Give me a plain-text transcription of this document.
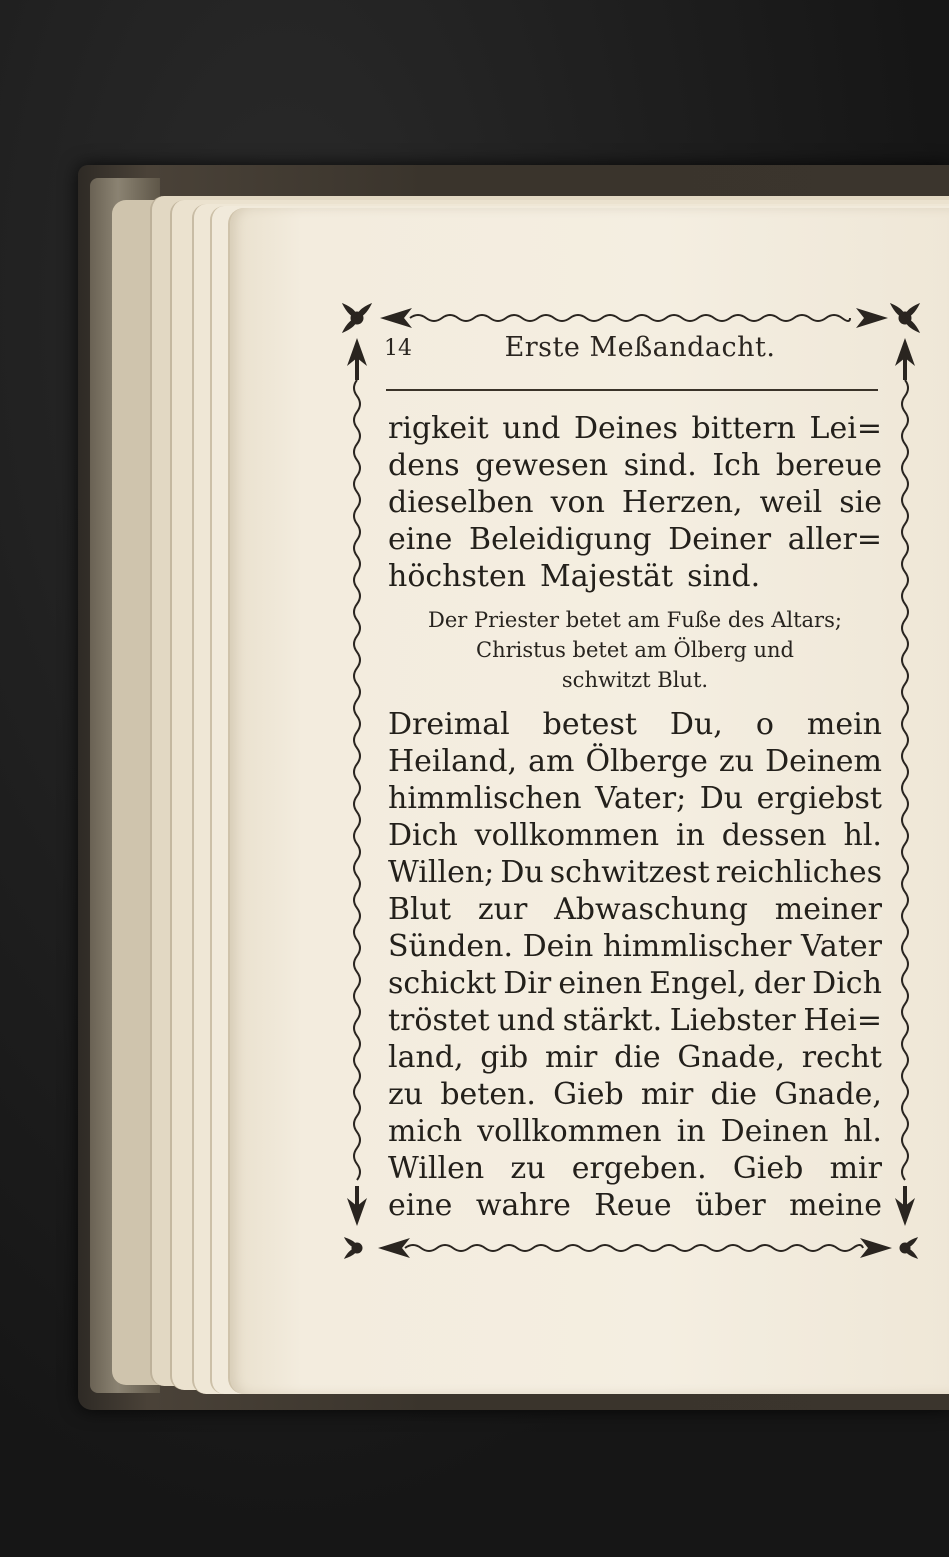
14	Erste Meßandacht.
rigkeit und Deines bittern Lei=
dens gewesen sind. Ich bereue
dieselben von Herzen, weil sie
eine Beleidigung Deiner aller=
höchsten Majestät sind.
Der Priester betet am Fuße des Altars;
Christus betet am Ölberg und
schwitzt Blut.
Dreimal betest Du, o mein
Heiland, am Ölberge zu Deinem
himmlischen Vater; Du ergiebst
Dich vollkommen in dessen hl.
Willen; Du schwitzest reichliches
Blut zur Abwaschung meiner
Sünden. Dein himmlischer Vater
schickt Dir einen Engel, der Dich
tröstet und stärkt. Liebster Hei=
land, gib mir die Gnade, recht
zu beten. Gieb mir die Gnade,
mich vollkommen in Deinen hl.
Willen zu ergeben. Gieb mir
eine wahre Reue über meine
